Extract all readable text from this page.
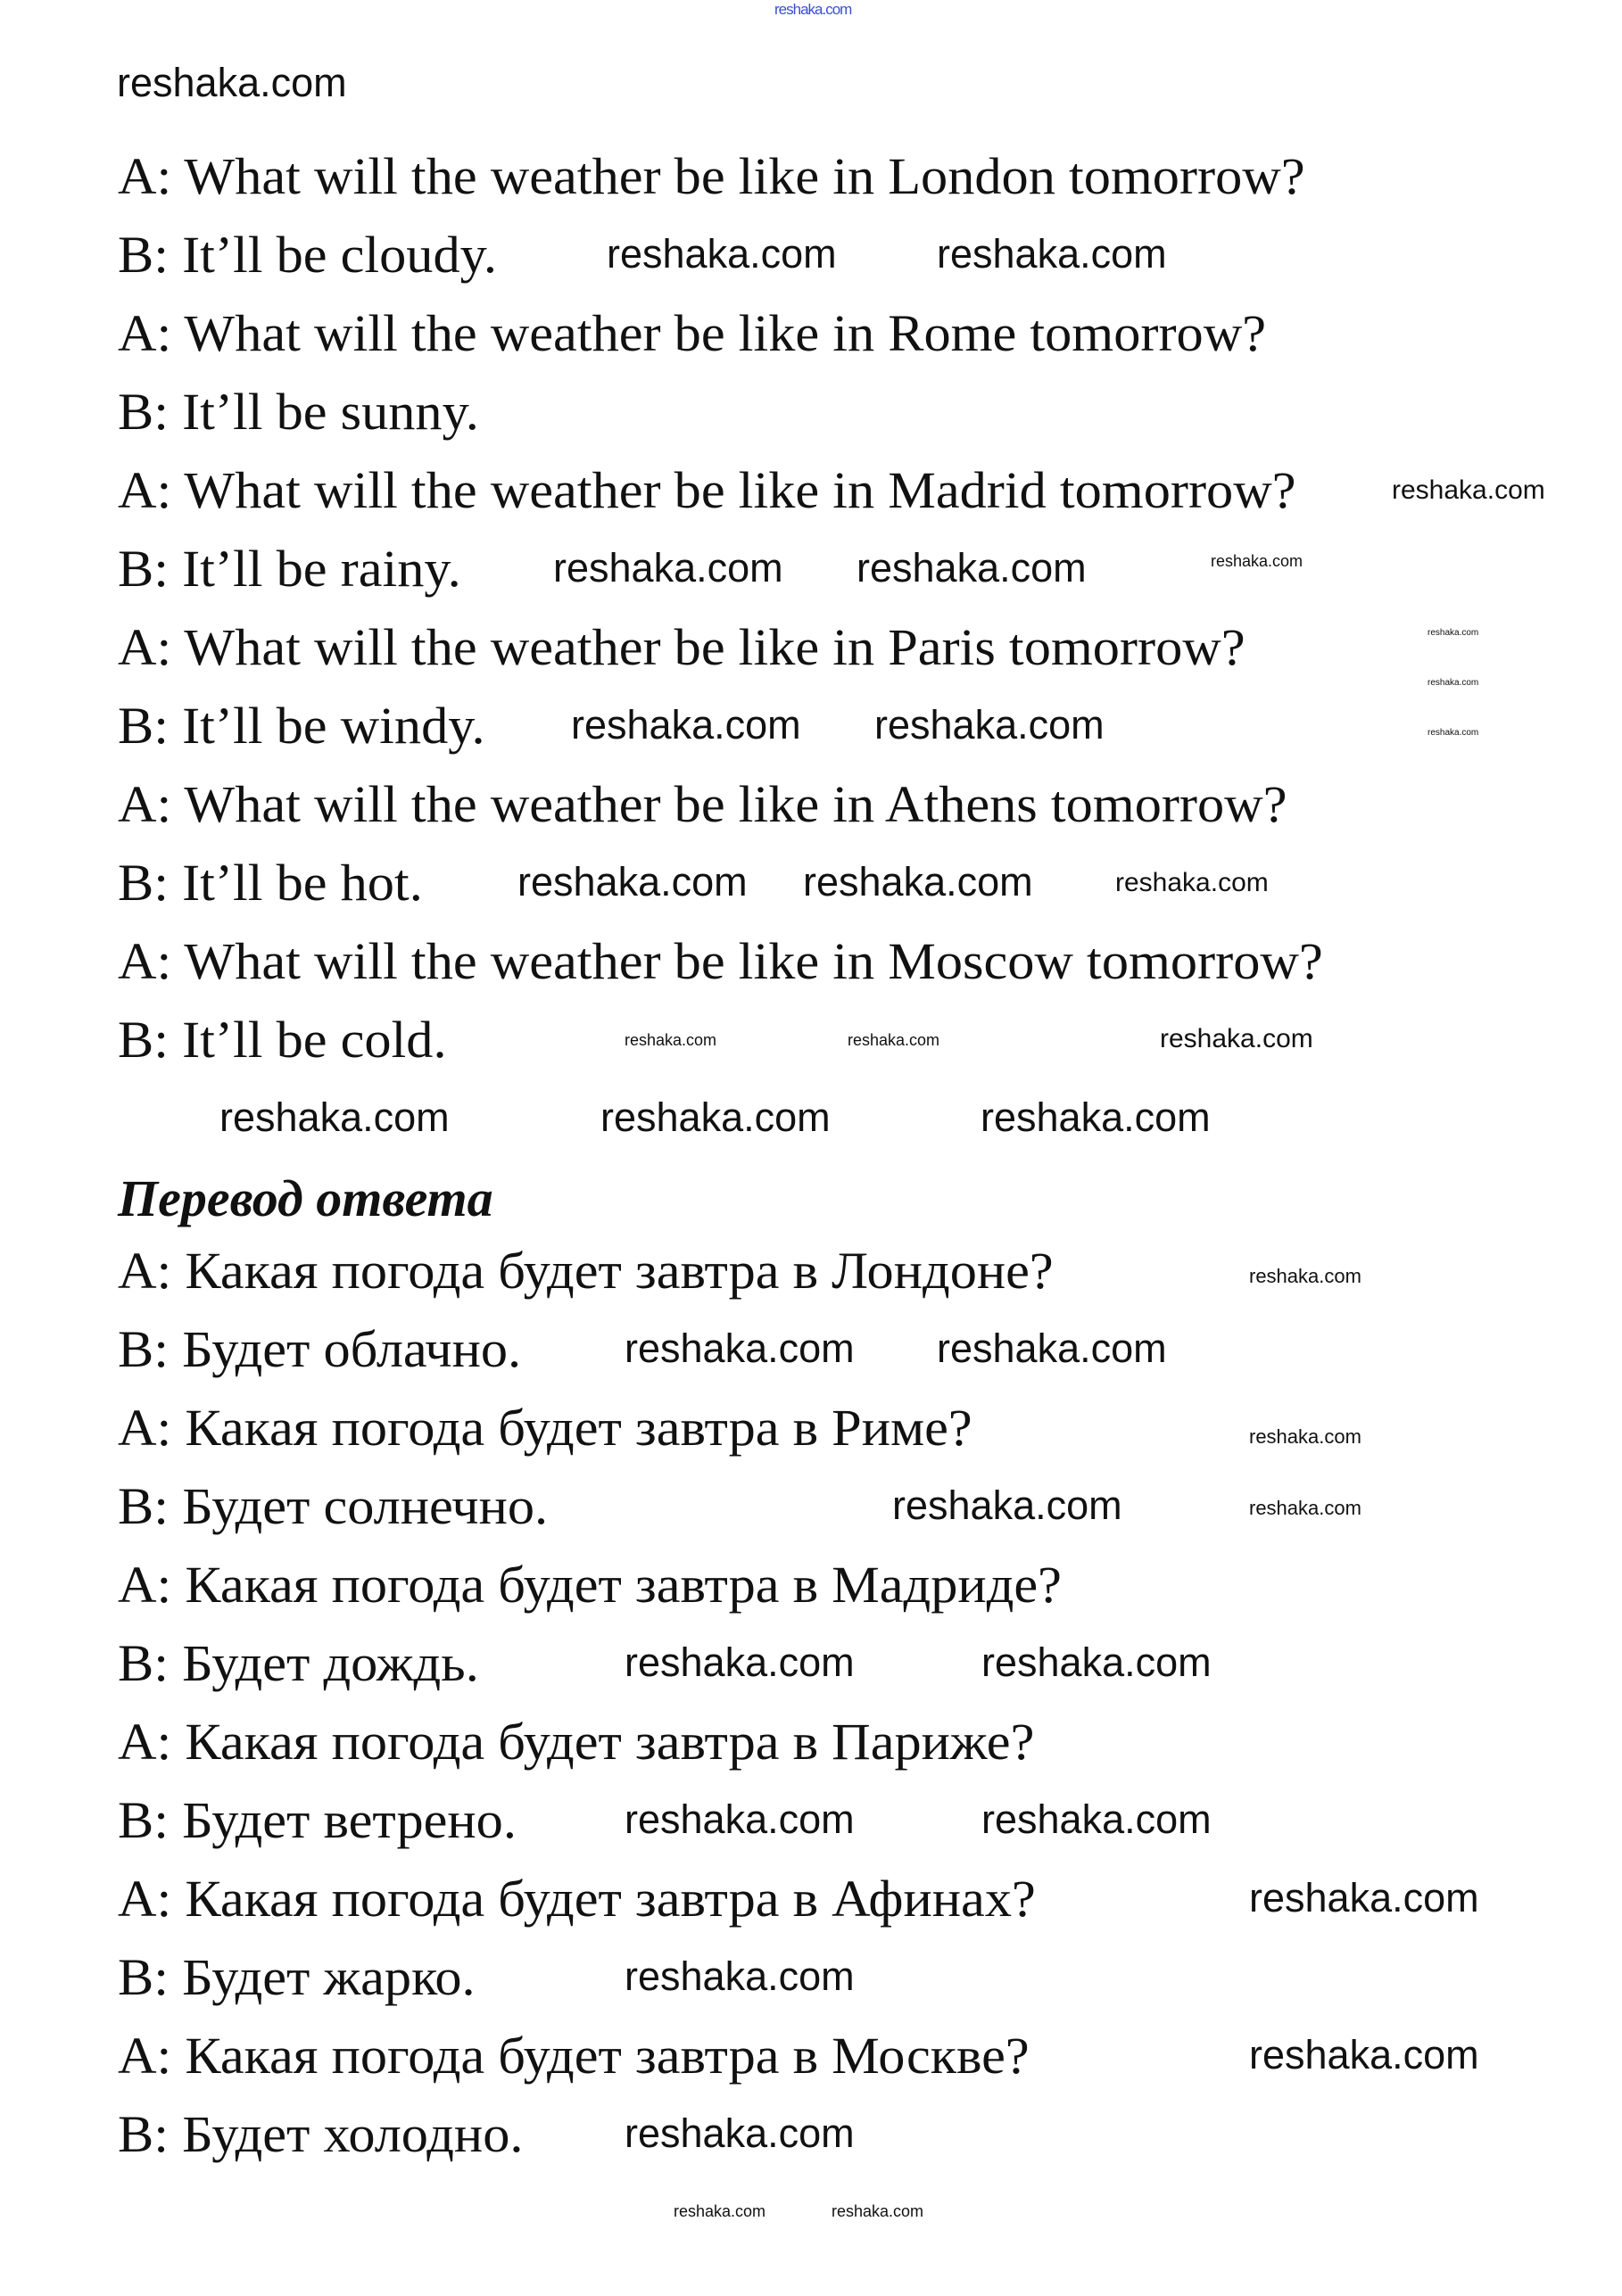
A: What will the weather be like in London tomorrow?
B: It’ll be cloudy.
A: What will the weather be like in Rome tomorrow?
B: It’ll be sunny.
A: What will the weather be like in Madrid tomorrow?
B: It’ll be rainy.
A: What will the weather be like in Paris tomorrow?
B: It’ll be windy.
A: What will the weather be like in Athens tomorrow?
B: It’ll be hot.
A: What will the weather be like in Moscow tomorrow?
B: It’ll be cold.
Перевод ответа
A: Какая погода будет завтра в Лондоне?
B: Будет облачно.
A: Какая погода будет завтра в Риме?
B: Будет солнечно.
A: Какая погода будет завтра в Мадриде?
B: Будет дождь.
A: Какая погода будет завтра в Париже?
B: Будет ветрено.
A: Какая погода будет завтра в Афинах?
B: Будет жарко.
A: Какая погода будет завтра в Москве?
B: Будет холодно.
reshaka.com
reshaka.com
reshaka.com reshaka.com
reshaka.com reshaka.com
reshaka.com reshaka.com
reshaka.com reshaka.com
reshaka.com
reshaka.com	reshaka.com
reshaka.com reshaka.com
reshaka.com
reshaka.com	reshaka.com
reshaka.com	reshaka.com
reshaka.com
reshaka.com
reshaka.com
reshaka.com
reshaka.com
reshaka.com
reshaka.com
reshaka.com
reshaka.com
reshaka.com
reshaka.com
reshaka.com	reshaka.com
reshaka.com	reshaka.com
reshaka.com
reshaka.com
reshaka.com
